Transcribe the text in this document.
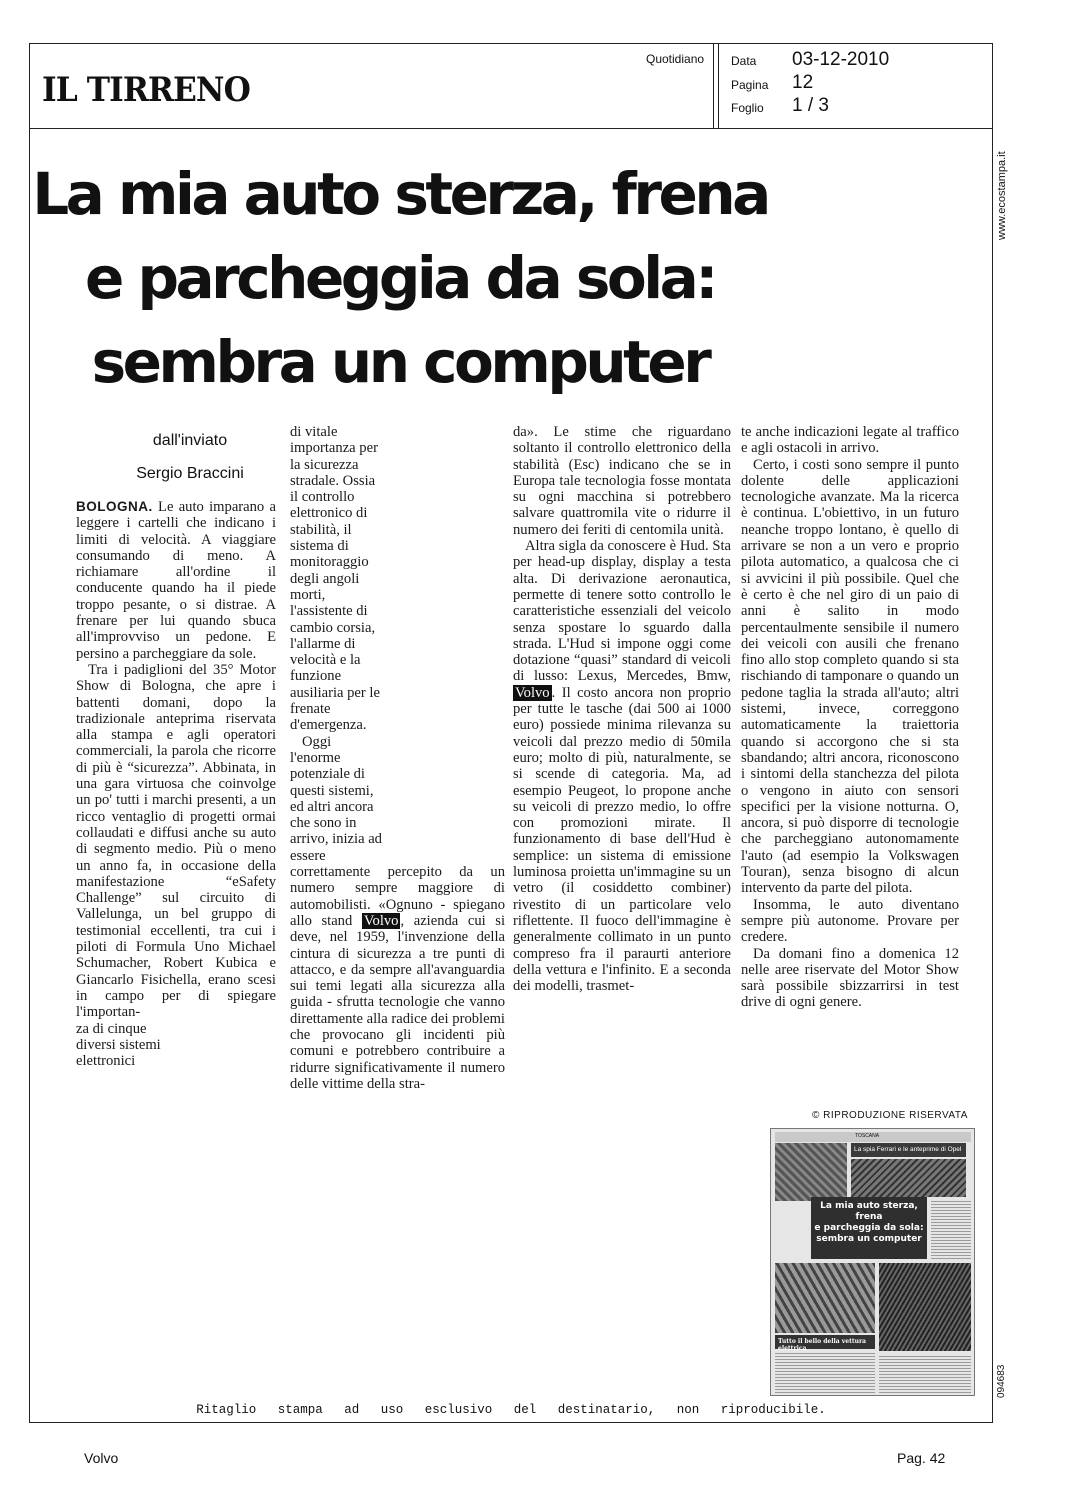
IL TIRRENO
Quotidiano Data 03-12-2010
Pagina 12
Foglio 1 / 3
La mia auto sterza, frena
e parcheggia da sola:
sembra un computer
dall'inviato
Sergio Braccini

BOLOGNA. Le auto imparano a leggere i cartelli che indicano i limiti di velocità. A viaggiare consumando di meno. A richiamare all'ordine il conducente quando ha il piede troppo pesante, o si distrae. A frenare per lui quando sbuca all'improvviso un pedone. E persino a parcheggiare da sole.

Tra i padiglioni del 35° Motor Show di Bologna, che apre i battenti domani, dopo la tradizionale anteprima riservata alla stampa e agli operatori commerciali, la parola che ricorre di più è “sicurezza”. Abbinata, in una gara virtuosa che coinvolge un po' tutti i marchi presenti, a un ricco ventaglio di progetti ormai collaudati e diffusi anche su auto di segmento medio. Più o meno un anno fa, in occasione della manifestazione “eSafety Challenge” sul circuito di Vallelunga, un bel gruppo di testimonial eccellenti, tra cui i piloti di Formula Uno Michael Schumacher, Robert Kubica e Giancarlo Fisichella, erano scesi in campo per di spiegare l'importan-

za di cinque diversi sistemi elettronici

di vitale importanza per la sicurezza stradale. Ossia il controllo elettronico di stabilità, il sistema di monitoraggio degli angoli morti, l'assistente di cambio corsia, l'allarme di velocità e la funzione ausiliaria per le frenate d'emergenza.

Oggi l'enorme potenziale di questi sistemi, ed altri ancora che sono in arrivo, inizia ad essere

correttamente percepito da un numero sempre maggiore di automobilisti. «Ognuno - spiegano allo stand Volvo , azienda cui si deve, nel 1959, l'invenzione della cintura di sicurezza a tre punti di attacco, e da sempre all'avanguardia sui temi legati alla sicurezza alla guida - sfrutta tecnologie che vanno direttamente alla radice dei problemi che provocano gli incidenti più comuni e potrebbero contribuire a ridurre significativamente il numero delle vittime della stra-

da». Le stime che riguardano soltanto il controllo elettronico della stabilità (Esc) indicano che se in Europa tale tecnologia fosse montata su ogni macchina si potrebbero salvare quattromila vite o ridurre il numero dei feriti di centomila unità.

Altra sigla da conoscere è Hud. Sta per head-up display, display a testa alta. Di derivazione aeronautica, permette di tenere sotto controllo le caratteristiche essenziali del veicolo senza spostare lo sguardo dalla strada. L'Hud si impone oggi come dotazione “quasi” standard di veicoli di lusso: Lexus, Mercedes, Bmw, Volvo . Il costo ancora non proprio per tutte le tasche (dai 500 ai 1000 euro) possiede minima rilevanza su veicoli dal prezzo medio di 50mila euro; molto di più, naturalmente, se si scende di categoria. Ma, ad esempio Peugeot, lo propone anche su veicoli di prezzo medio, lo offre con promozioni mirate. Il funzionamento di base dell'Hud è semplice: un sistema di emissione luminosa proietta un'immagine su un vetro (il cosiddetto combiner) rivestito di un particolare velo riflettente. Il fuoco dell'immagine è generalmente collimato in un punto compreso fra il paraurti anteriore della vettura e l'infinito. E a seconda dei modelli, trasmet-

te anche indicazioni legate al traffico e agli ostacoli in arrivo.

Certo, i costi sono sempre il punto dolente delle applicazioni tecnologiche avanzate. Ma la ricerca è continua. L'obiettivo, in un futuro neanche troppo lontano, è quello di arrivare se non a un vero e proprio pilota automatico, a qualcosa che ci si avvicini il più possibile. Quel che è certo è che nel giro di un paio di anni è salito in modo percentaulmente sensibile il numero dei veicoli con ausili che frenano fino allo stop completo quando si sta rischiando di tamponare o quando un pedone taglia la strada all'auto; altri sistemi, invece, correggono automaticamente la traiettoria quando si accorgono che si sta sbandando; altri ancora, riconoscono i sintomi della stanchezza del pilota o vengono in aiuto con sensori specifici per la visione notturna. O, ancora, si può disporre di tecnologie che parcheggiano autonomamente l'auto (ad esempio la Volkswagen Touran), senza bisogno di alcun intervento da parte del pilota.

Insomma, le auto diventano sempre più autonome. Provare per credere.

Da domani fino a domenica 12 nelle aree riservate del Motor Show sarà possibile sbizzarrirsi in test drive di ogni genere.

© RIPRODUZIONE RISERVATA
TOSCANA
La spia Ferrari e le anteprime di Opel
La mia auto sterza, frena
e parcheggia da sola:
sembra un computer
Tutto il bello della vettura elettrica
www.ecostampa.it
094683
Ritaglio stampa ad uso esclusivo del destinatario, non riproducibile.
Volvo	Pag. 42
